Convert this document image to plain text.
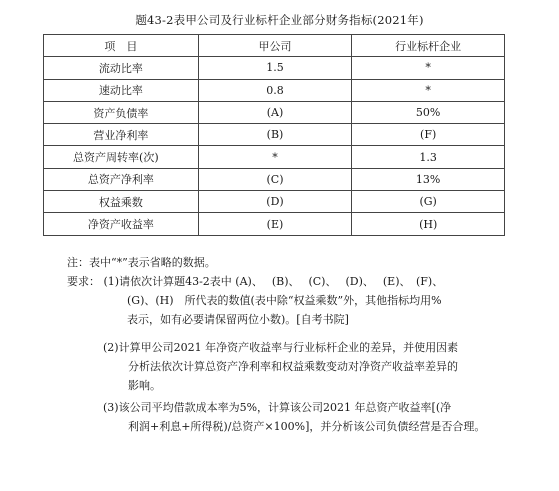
题43-2表甲公司及行业标杆企业部分财务指标(2021年)
项　目	甲公司	行业标杆企业
流动比率	1.5	*
速动比率	0.8	*
资产负债率	(A)	50%
营业净利率	(B)	(F)
总资产周转率(次)	*	1.3
总资产净利率	(C)	13%
权益乘数	(D)	(G)
净资产收益率	(E)	(H)
注：表中“*”表示省略的数据。
要求： (1)请依次计算题43-2表中 (A)、　 (B)、　 (C)、　 (D)、　 (E)、　(F)、
(G)、(H)　所代表的数值(表中除“权益乘数”外，其他指标均用%
表示，如有必要请保留两位小数)。[自考书院]
(2)计算甲公司2021 年净资产收益率与行业标杆企业的差异，并使用因素
分析法依次计算总资产净利率和权益乘数变动对净资产收益率差异的
影响。
(3)该公司平均借款成本率为5%，计算该公司2021 年总资产收益率[(净
利润+利息+所得税)/总资产×100%]，并分析该公司负债经营是否合理。
